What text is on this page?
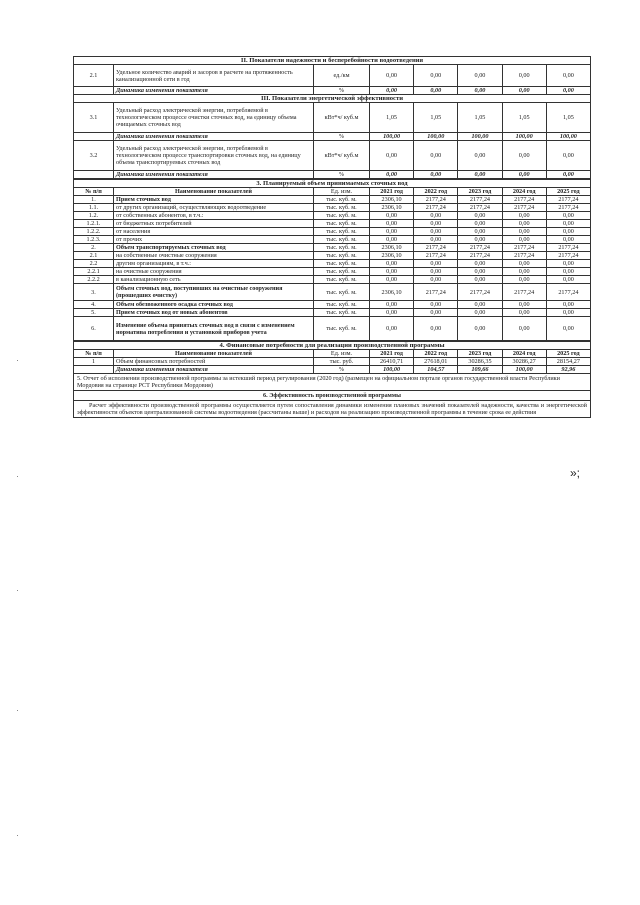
II. Показатели надежности и бесперебойности водоотведения							
2.1	Удельное количество аварий и засоров в расчете на протяженность канализационной сети в год	ед./км	0,00	0,00	0,00	0,00	0,00
	Динамика изменения показателя	%	0,00	0,00	0,00	0,00	0,00
III. Показатели энергетической эффективности							
3.1	Удельный расход электрической энергии, потребляемой в технологическом процессе очистки сточных вод, на единицу объема очищаемых сточных вод	кВт*ч/ куб.м	1,05	1,05	1,05	1,05	1,05
	Динамика изменения показателя	%	100,00	100,00	100,00	100,00	100,00
3.2	Удельный расход электрической энергии, потребляемой в технологическом процессе транспортировки сточных вод, на единицу объема транспортируемых сточных вод	кВт*ч/ куб.м	0,00	0,00	0,00	0,00	0,00
	Динамика изменения показателя	%	0,00	0,00	0,00	0,00	0,00
3. Планируемый объем принимаемых сточных вод							
№ п/п	Наименование показателей	Ед. изм.	2021 год	2022 год	2023 год	2024 год	2025 год
1.	Прием сточных вод	тыс. куб. м.	2306,10	2177,24	2177,24	2177,24	2177,24
1.1.	от других организаций, осуществляющих водоотведение	тыс. куб. м.	2306,10	2177,24	2177,24	2177,24	2177,24
1.2.	от собственных абонентов, в т.ч.:	тыс. куб. м.	0,00	0,00	0,00	0,00	0,00
1.2.1.	от бюджетных потребителей	тыс. куб. м.	0,00	0,00	0,00	0,00	0,00
1.2.2.	от населения	тыс. куб. м.	0,00	0,00	0,00	0,00	0,00
1.2.3.	от прочих	тыс. куб. м.	0,00	0,00	0,00	0,00	0,00
2.	Объем транспортируемых сточных вод	тыс. куб. м.	2306,10	2177,24	2177,24	2177,24	2177,24
2.1	на собственные очистные сооружения	тыс. куб. м.	2306,10	2177,24	2177,24	2177,24	2177,24
2.2	другим организациям, в т.ч.:	тыс. куб. м.	0,00	0,00	0,00	0,00	0,00
2.2.1	на очистные сооружения	тыс. куб. м.	0,00	0,00	0,00	0,00	0,00
2.2.2	в канализационную сеть	тыс. куб. м.	0,00	0,00	0,00	0,00	0,00
3.	Объем сточных вод, поступивших на очистные сооружения (прошедших очистку)	тыс. куб. м.	2306,10	2177,24	2177,24	2177,24	2177,24
4.	Объем обезвоженного осадка сточных вод	тыс. куб. м.	0,00	0,00	0,00	0,00	0,00
5.	Прием сточных вод от новых абонентов	тыс. куб. м.	0,00	0,00	0,00	0,00	0,00
6.	Изменение объема принятых сточных вод в связи с изменением норматива потребления и установкой приборов учета	тыс. куб. м.	0,00	0,00	0,00	0,00	0,00
4. Финансовые потребности для реализации производственной программы							
№ п/п	Наименование показателей	Ед. изм.	2021 год	2022 год	2023 год	2024 год	2025 год
1	Объем финансовых потребностей	тыс. руб.	26410,71	27618,01	30286,35	30286,27	28154,27
	Динамика изменения показателя	%	100,00	104,57	109,66	100,00	92,96
5. Отчет об исполнении производственной программы за истекший период регулирования (2020 год) (размещен на официальном портале органов государственной власти Республики Мордовия на странице РСТ Республики Мордовия)
6. Эффективность производственной программы
Расчет эффективности производственной программы осуществляется путем сопоставления динамики изменения плановых значений показателей надежности, качества и энергетической эффективности объектов централизованной системы водоотведения (рассчитаны выше) и расходов на реализацию производственной программы в течение срока ее действия
»;
